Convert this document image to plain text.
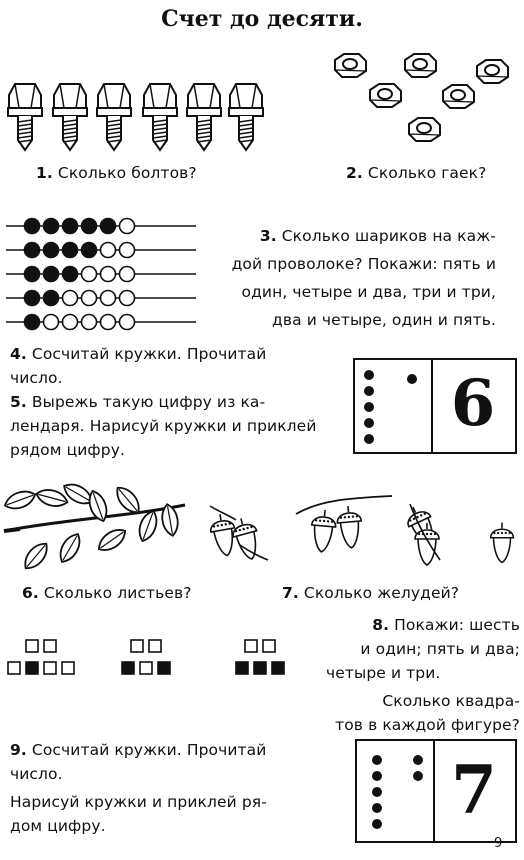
Счет до десяти.
1. Сколько болтов?	2. Сколько гаек?
3. Сколько шариков на каж-
дой проволоке? Покажи: пять и
один, четыре и два, три и три,
два и четыре, один и пять.
4. Сосчитай кружки. Прочитай
число.
5. Вырежь такую цифру из ка-
лендаря. Нарисуй кружки и приклей
рядом цифру.
6
6. Сколько листьев?	7. Сколько желудей?
8. Покажи: шесть
и один; пять и два;
четыре и три.
Сколько квадра-
тов в каждой фигуре?
9. Сосчитай кружки. Прочитай
число.
Нарисуй кружки и приклей ря-
дом цифру.	7
9
